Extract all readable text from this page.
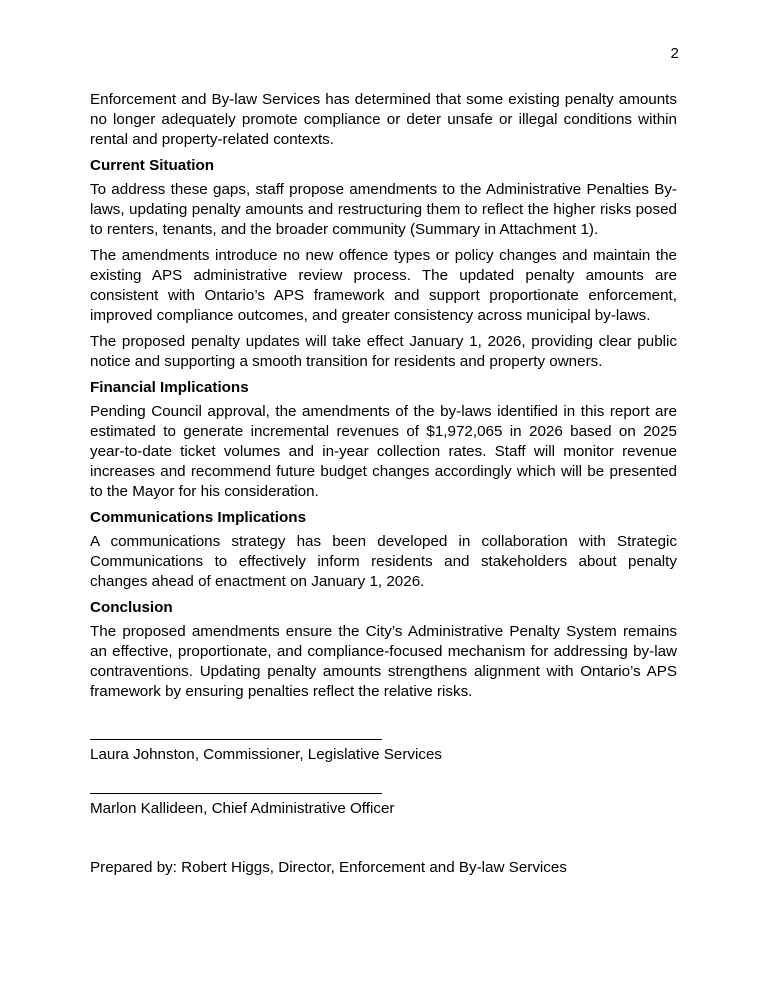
2

Enforcement and By-law Services has determined that some existing penalty amounts no longer adequately promote compliance or deter unsafe or illegal conditions within rental and property-related contexts.

Current Situation

To address these gaps, staff propose amendments to the Administrative Penalties By-laws, updating penalty amounts and restructuring them to reflect the higher risks posed to renters, tenants, and the broader community (Summary in Attachment 1).

The amendments introduce no new offence types or policy changes and maintain the existing APS administrative review process. The updated penalty amounts are consistent with Ontario’s APS framework and support proportionate enforcement, improved compliance outcomes, and greater consistency across municipal by-laws.

The proposed penalty updates will take effect January 1, 2026, providing clear public notice and supporting a smooth transition for residents and property owners.

Financial Implications

Pending Council approval, the amendments of the by-laws identified in this report are estimated to generate incremental revenues of $1,972,065 in 2026 based on 2025 year-to-date ticket volumes and in-year collection rates. Staff will monitor revenue increases and recommend future budget changes accordingly which will be presented to the Mayor for his consideration.

Communications Implications

A communications strategy has been developed in collaboration with Strategic Communications to effectively inform residents and stakeholders about penalty changes ahead of enactment on January 1, 2026.

Conclusion

The proposed amendments ensure the City’s Administrative Penalty System remains an effective, proportionate, and compliance-focused mechanism for addressing by-law contraventions. Updating penalty amounts strengthens alignment with Ontario’s APS framework by ensuring penalties reflect the relative risks.

Laura Johnston, Commissioner, Legislative Services
Marlon Kallideen, Chief Administrative Officer
Prepared by: Robert Higgs, Director, Enforcement and By-law Services
